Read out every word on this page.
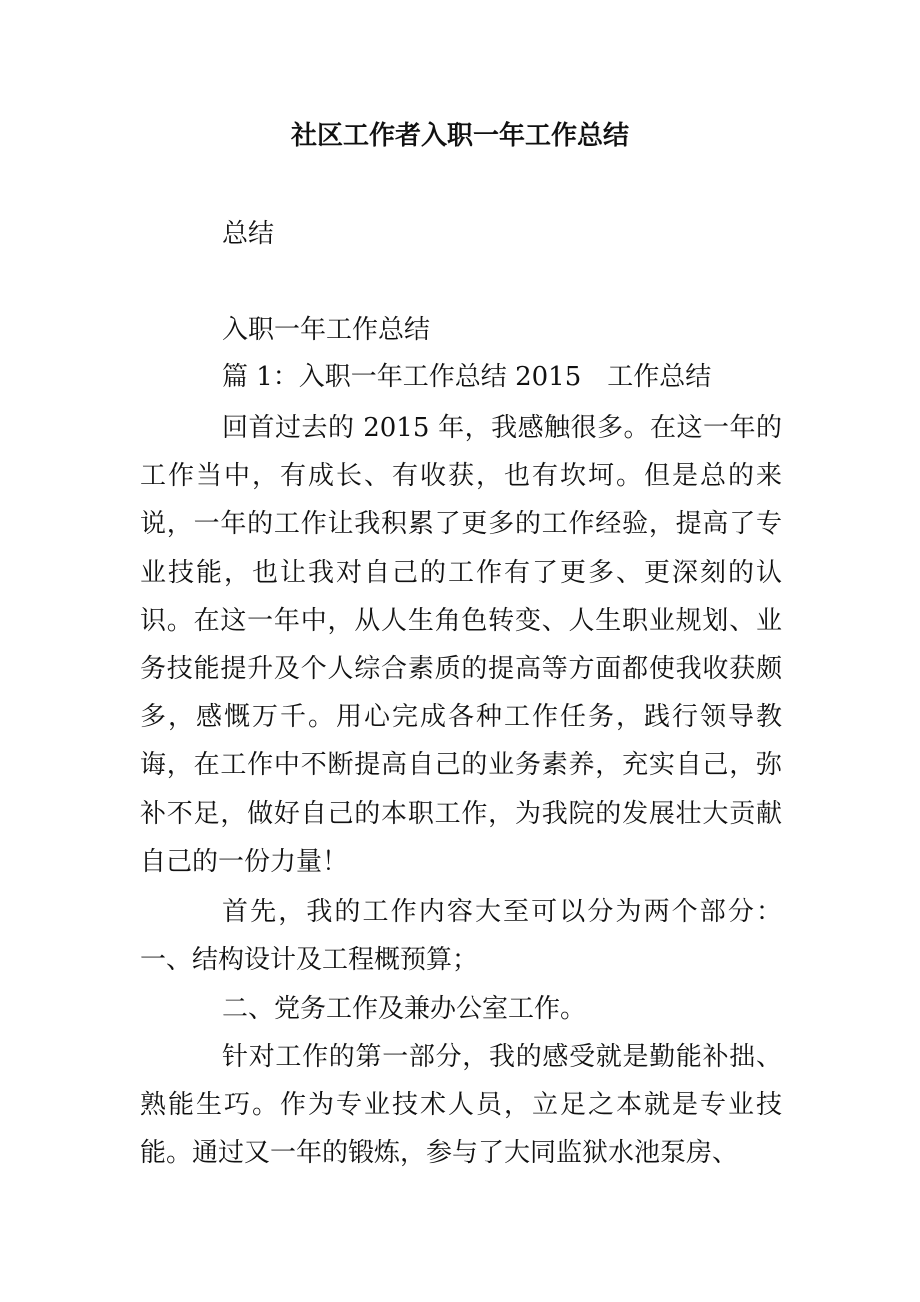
社区工作者入职一年工作总结
总结
入职一年工作总结
篇 1：入职一年工作总结 2015　工作总结

回首过去的 2015 年，我感触很多。在这一年的工作当中，有成长、有收获，也有坎坷。但是总的来说，一年的工作让我积累了更多的工作经验，提高了专业技能，也让我对自己的工作有了更多、更深刻的认识。在这一年中，从人生角色转变、人生职业规划、业务技能提升及个人综合素质的提高等方面都使我收获颇多，感慨万千。用心完成各种工作任务，践行领导教诲，在工作中不断提高自己的业务素养，充实自己，弥补不足，做好自己的本职工作，为我院的发展壮大贡献自己的一份力量！

首先，我的工作内容大至可以分为两个部分：一、结构设计及工程概预算；

二、党务工作及兼办公室工作。

针对工作的第一部分，我的感受就是勤能补拙、熟能生巧。作为专业技术人员，立足之本就是专业技能。通过又一年的锻炼，参与了大同监狱水池泵房、
